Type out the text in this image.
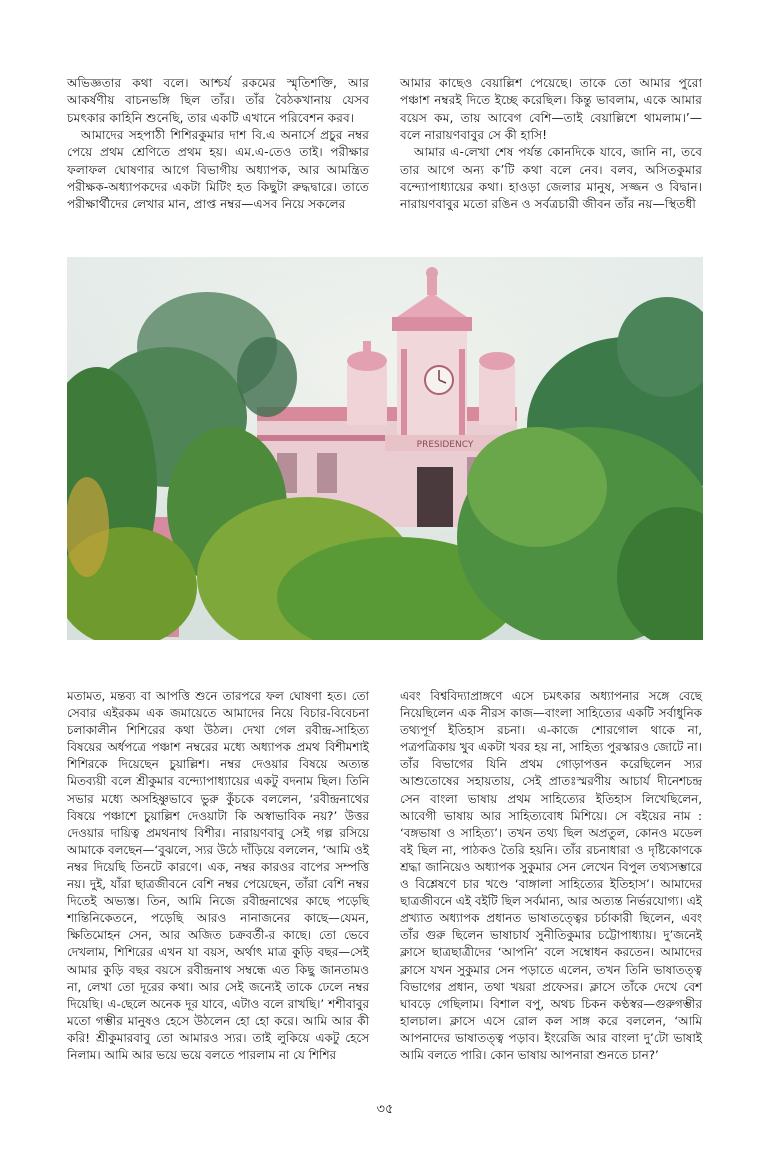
অভিজ্ঞতার কথা বলে। আশ্চর্য রকমের স্মৃতিশক্তি, আর আকর্ষণীয় বাচনভঙ্গি ছিল তাঁর। তাঁর বৈঠকখানায় যেসব চমৎকার কাহিনি শুনেছি, তার একটি এখানে পরিবেশন করব।

আমাদের সহপাঠী শিশিরকুমার দাশ বি.এ অনার্সে প্রচুর নম্বর পেয়ে প্রথম শ্রেণিতে প্রথম হয়। এম.এ-তেও তাই। পরীক্ষার ফলাফল ঘোষণার আগে বিভাগীয় অধ্যাপক, আর আমন্ত্রিত পরীক্ষক-অধ্যাপকদের একটা মিটিং হত কিছুটা রুদ্ধদ্বারে। তাতে পরীক্ষার্থীদের লেখার মান, প্রাপ্ত নম্বর—এসব নিয়ে সকলের

আমার কাছেও বেয়াল্লিশ পেয়েছে। তাকে তো আমার পুরো পঞ্চাশ নম্বরই দিতে ইচ্ছে করেছিল। কিন্তু ভাবলাম, একে আমার বয়েস কম, তায় আবেগ বেশি—তাই বেয়াল্লিশে থামলাম।’—বলে নারায়ণবাবুর সে কী হাসি!

আমার এ-লেখা শেষ পর্যন্ত কোনদিকে যাবে, জানি না, তবে তার আগে অন্য ক’টি কথা বলে নেব। বলব, অসিতকুমার বন্দ্যোপাধ্যায়ের কথা। হাওড়া জেলার মানুষ, সজ্জন ও বিদ্বান। নারায়ণবাবুর মতো রঙিন ও সর্বত্রচারী জীবন তাঁর নয়—স্থিতধী

PRESIDENCY

মতামত, মন্তব্য বা আপত্তি শুনে তারপরে ফল ঘোষণা হত। তো সেবার এইরকম এক জমায়েতে আমাদের নিয়ে বিচার-বিবেচনা চলাকালীন শিশিরের কথা উঠল। দেখা গেল রবীন্দ্র-সাহিত্য বিষয়ের অর্ধপত্রে পঞ্চাশ নম্বরের মধ্যে অধ্যাপক প্রমথ বিশীমশাই শিশিরকে দিয়েছেন চুয়াল্লিশ। নম্বর দেওয়ার বিষয়ে অত্যন্ত মিতব্যয়ী বলে শ্রীকুমার বন্দ্যোপাধ্যায়ের একটু বদনাম ছিল। তিনি সভার মধ্যে অসহিষ্ণুভাবে ভুরু কুঁচকে বললেন, ‘রবীন্দ্রনাথের বিষয়ে পঞ্চাশে চুয়াল্লিশ দেওয়াটা কি অস্বাভাবিক নয়?’ উত্তর দেওয়ার দায়িত্ব প্রমথনাথ বিশীর। নারায়ণবাবু সেই গল্প রসিয়ে আমাকে বলছেন—‘বুঝলে, স্যর উঠে দাঁড়িয়ে বললেন, ‘আমি ওই নম্বর দিয়েছি তিনটে কারণে। এক, নম্বর কারওর বাপের সম্পত্তি নয়। দুই, যাঁরা ছাত্রজীবনে বেশি নম্বর পেয়েছেন, তাঁরা বেশি নম্বর দিতেই অভ্যস্ত। তিন, আমি নিজে রবীন্দ্রনাথের কাছে পড়েছি শান্তিনিকেতনে, পড়েছি আরও নানাজনের কাছে—যেমন, ক্ষিতিমোহন সেন, আর অজিত চক্রবর্তী-র কাছে। তো ভেবে দেখলাম, শিশিরের এখন যা বয়স, অর্থাৎ মাত্র কুড়ি বছর—সেই আমার কুড়ি বছর বয়সে রবীন্দ্রনাথ সম্বন্ধে এত কিছু জানতামও না, লেখা তো দূরের কথা। আর সেই জন্যেই তাকে ঢেলে নম্বর দিয়েছি। এ-ছেলে অনেক দূর যাবে, এটাও বলে রাখছি।’ শশীবাবুর মতো গম্ভীর মানুষও হেসে উঠলেন হো হো করে। আমি আর কী করি! শ্রীকুমারবাবু তো আমারও স্যর। তাই লুকিয়ে একটু হেসে নিলাম। আমি আর ভয়ে ভয়ে বলতে পারলাম না যে শিশির

এবং বিশ্ববিদ্যাপ্রাঙ্গণে এসে চমৎকার অধ্যাপনার সঙ্গে বেছে নিয়েছিলেন এক নীরস কাজ—বাংলা সাহিত্যের একটি সর্বাধুনিক তথ্যপূর্ণ ইতিহাস রচনা। এ-কাজে শোরগোল থাকে না, পত্রপত্রিকায় খুব একটা খবর হয় না, সাহিত্য পুরস্কারও জোটে না। তাঁর বিভাগের যিনি প্রথম গোড়াপত্তন করেছিলেন স্যর আশুতোষের সহায়তায়, সেই প্রাতঃস্মরণীয় আচার্য দীনেশচন্দ্র সেন বাংলা ভাষায় প্রথম সাহিত্যের ইতিহাস লিখেছিলেন, আবেগী ভাষায় আর সাহিত্যবোধ মিশিয়ে। সে বইয়ের নাম : ‘বঙ্গভাষা ও সাহিত্য’। তখন তথ্য ছিল অপ্রতুল, কোনও মডেল বই ছিল না, পাঠকও তৈরি হয়নি। তাঁর রচনাধারা ও দৃষ্টিকোণকে শ্রদ্ধা জানিয়েও অধ্যাপক সুকুমার সেন লেখেন বিপুল তথ্যসম্ভারে ও বিশ্লেষণে চার খণ্ডে ‘বাঙ্গালা সাহিত্যের ইতিহাস’। আমাদের ছাত্রজীবনে এই বইটি ছিল সর্বমান্য, আর অত্যন্ত নির্ভরযোগ্য। এই প্রখ্যাত অধ্যাপক প্রধানত ভাষাতত্ত্বের চর্চাকারী ছিলেন, এবং তাঁর গুরু ছিলেন ভাষাচার্য সুনীতিকুমার চট্টোপাধ্যায়। দু’জনেই ক্লাসে ছাত্রছাত্রীদের ‘আপনি’ বলে সম্বোধন করতেন। আমাদের ক্লাসে যখন সুকুমার সেন পড়াতে এলেন, তখন তিনি ভাষাতত্ত্ব বিভাগের প্রধান, তথা খয়রা প্রফেসর। ক্লাসে তাঁকে দেখে বেশ ঘাবড়ে গেছিলাম। বিশাল বপু, অথচ চিকন কণ্ঠস্বর—গুরুগম্ভীর হালচাল। ক্লাসে এসে রোল কল সাঙ্গ করে বললেন, ‘আমি আপনাদের ভাষাতত্ত্ব পড়াব। ইংরেজি আর বাংলা দু’টো ভাষাই আমি বলতে পারি। কোন ভাষায় আপনারা শুনতে চান?’

৩৫
